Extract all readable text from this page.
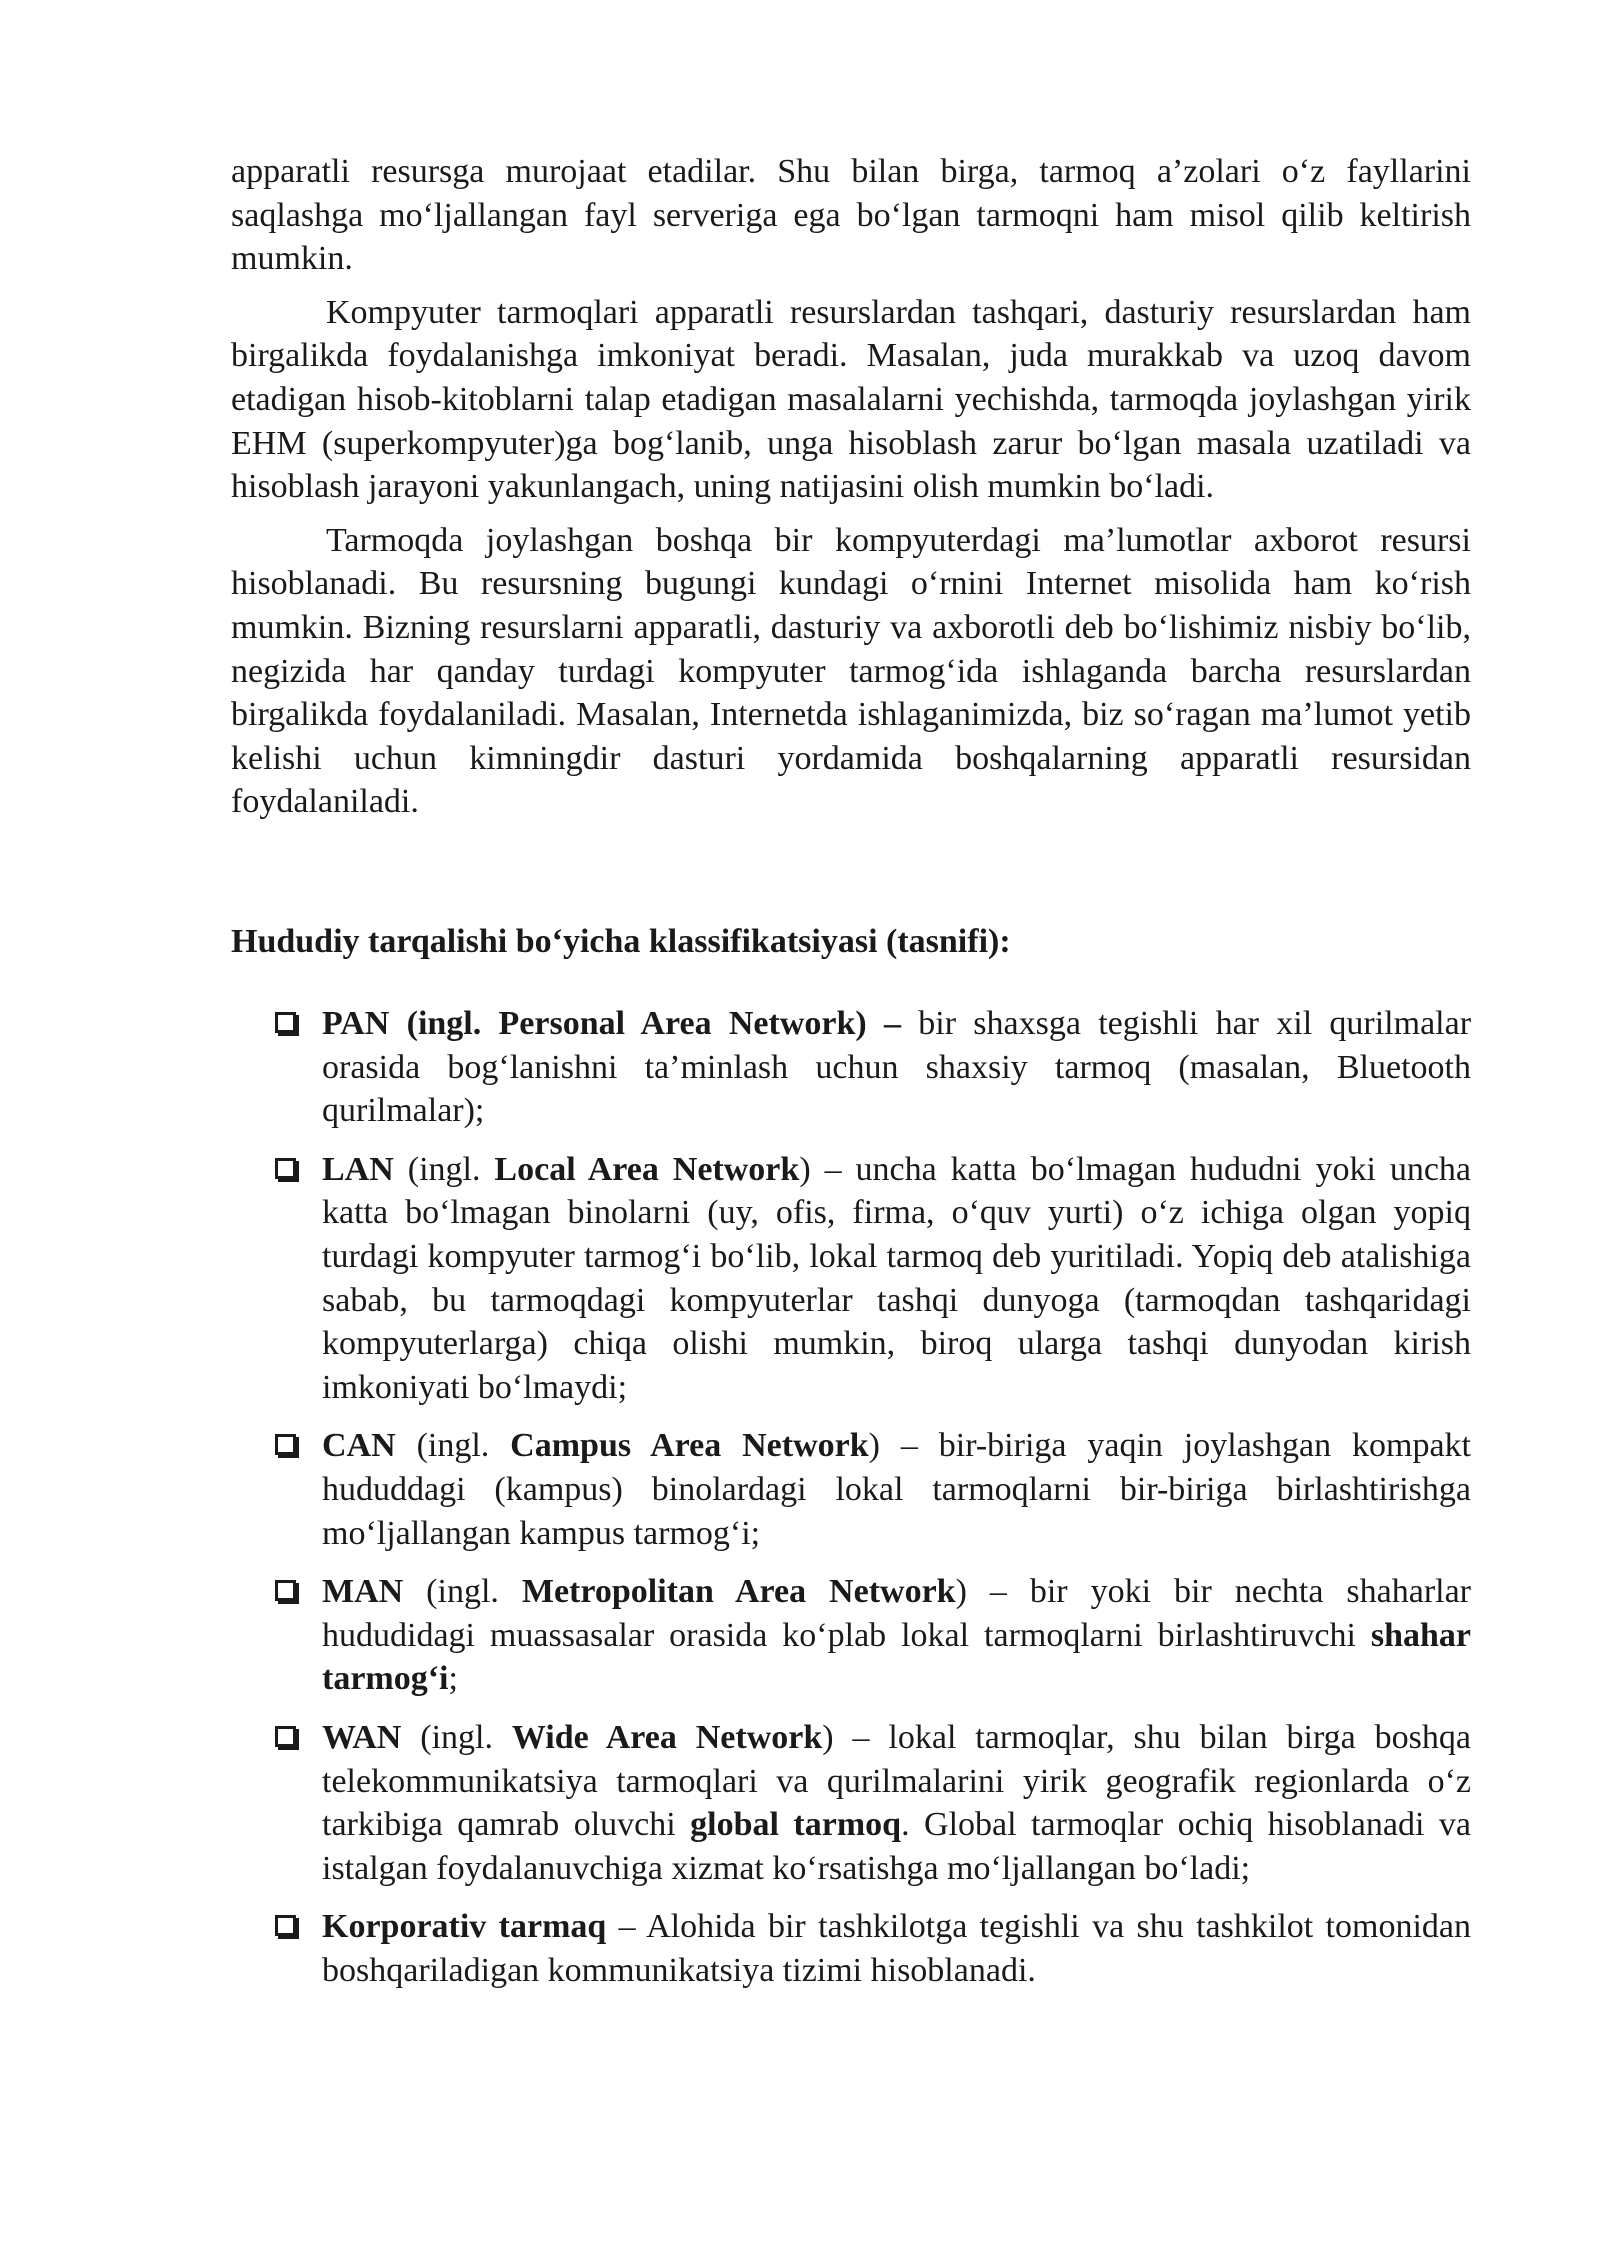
apparatli resursga murojaat etadilar. Shu bilan birga, tarmoq a’zolari o‘z fayllarini saqlashga mo‘ljallangan fayl serveriga ega bo‘lgan tarmoqni ham misol qilib keltirish mumkin.

Kompyuter tarmoqlari apparatli resurslardan tashqari, dasturiy resurslardan ham birgalikda foydalanishga imkoniyat beradi. Masalan, juda murakkab va uzoq davom etadigan hisob-kitoblarni talap etadigan masalalarni yechishda, tarmoqda joylashgan yirik EHM (superkompyuter)ga bog‘lanib, unga hisoblash zarur bo‘lgan masala uzatiladi va hisoblash jarayoni yakunlangach, uning natijasini olish mumkin bo‘ladi.

Tarmoqda joylashgan boshqa bir kompyuterdagi ma’lumotlar axborot resursi hisoblanadi. Bu resursning bugungi kundagi o‘rnini Internet misolida ham ko‘rish mumkin. Bizning resurslarni apparatli, dasturiy va axborotli deb bo‘lishimiz nisbiy bo‘lib, negizida har qanday turdagi kompyuter tarmog‘ida ishlaganda barcha resurslardan birgalikda foydalaniladi. Masalan, Internetda ishlaganimizda, biz so‘ragan ma’lumot yetib kelishi uchun kimningdir dasturi yordamida boshqalarning apparatli resursidan foydalaniladi.

Hududiy tarqalishi bo‘yicha klassifikatsiyasi (tasnifi):

PAN (ingl. Personal Area Network) – bir shaxsga tegishli har xil qurilmalar orasida bog‘lanishni ta’minlash uchun shaxsiy tarmoq (masalan, Bluetooth qurilmalar);
LAN (ingl. Local Area Network) – uncha katta bo‘lmagan hududni yoki uncha katta bo‘lmagan binolarni (uy, ofis, firma, o‘quv yurti) o‘z ichiga olgan yopiq turdagi kompyuter tarmog‘i bo‘lib, lokal tarmoq deb yuritiladi. Yopiq deb atalishiga sabab, bu tarmoqdagi kompyuterlar tashqi dunyoga (tarmoqdan tashqaridagi kompyuterlarga) chiqa olishi mumkin, biroq ularga tashqi dunyodan kirish imkoniyati bo‘lmaydi;
CAN (ingl. Campus Area Network) – bir-biriga yaqin joylashgan kompakt hududdagi (kampus) binolardagi lokal tarmoqlarni bir-biriga birlashtirishga mo‘ljallangan kampus tarmog‘i;
MAN (ingl. Metropolitan Area Network) – bir yoki bir nechta shaharlar hududidagi muassasalar orasida ko‘plab lokal tarmoqlarni birlashtiruvchi shahar tarmog‘i;
WAN (ingl. Wide Area Network) – lokal tarmoqlar, shu bilan birga boshqa telekommunikatsiya tarmoqlari va qurilmalarini yirik geografik regionlarda o‘z tarkibiga qamrab oluvchi global tarmoq. Global tarmoqlar ochiq hisoblanadi va istalgan foydalanuvchiga xizmat ko‘rsatishga mo‘ljallangan bo‘ladi;
Korporativ tarmaq – Alohida bir tashkilotga tegishli va shu tashkilot tomonidan boshqariladigan kommunikatsiya tizimi hisoblanadi.
